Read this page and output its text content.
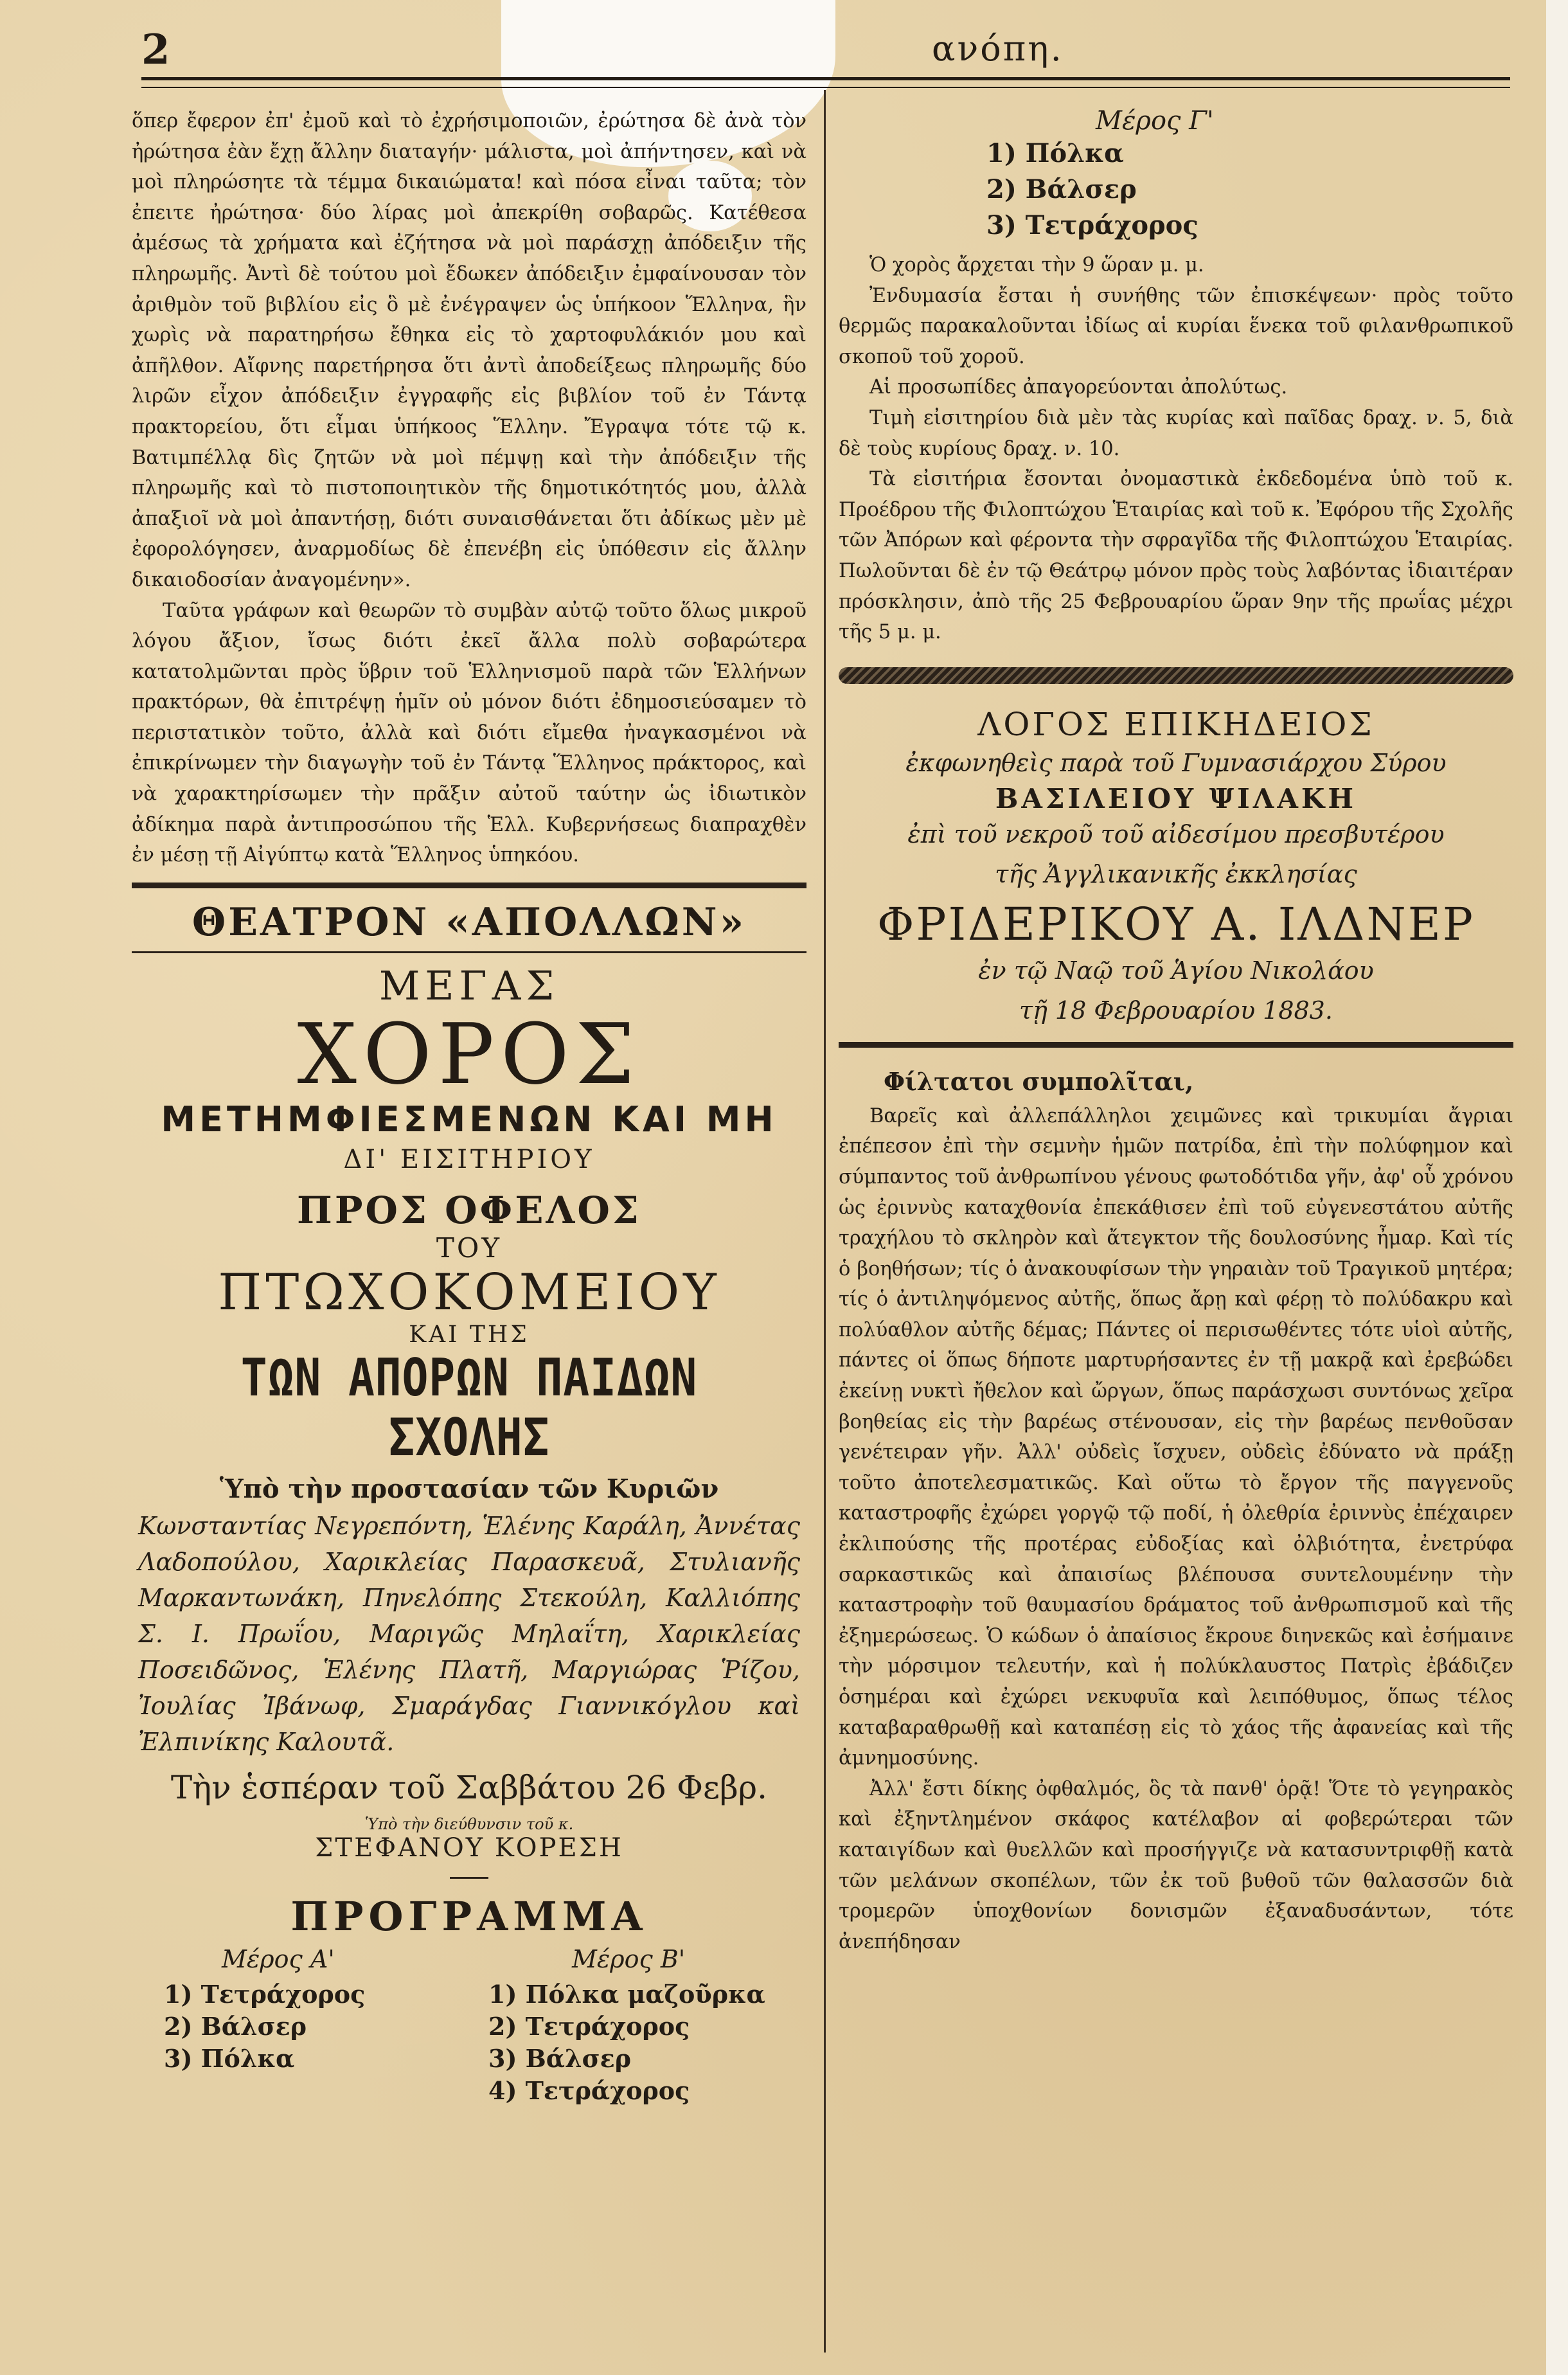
2	ανόπη.

ὅπερ ἔφερον ἐπ' ἐμοῦ καὶ τὸ ἐχρήσιμοποιῶν, ἐρώτησα δὲ ἀνὰ τὸν ἠρώτησα ἐὰν ἔχῃ ἄλλην διαταγήν· μάλιστα, μοὶ ἀπήντησεν, καὶ νὰ μοὶ πληρώσητε τὰ τέμμα δικαιώματα! καὶ πόσα εἶναι ταῦτα; τὸν ἐπειτε ἠρώτησα· δύο λίρας μοὶ ἀπεκρίθη σοβαρῶς. Κατέθεσα ἀμέσως τὰ χρήματα καὶ ἐζήτησα νὰ μοὶ παράσχῃ ἀπόδειξιν τῆς πληρωμῆς. Ἀντὶ δὲ τούτου μοὶ ἔδωκεν ἀπόδειξιν ἐμφαίνουσαν τὸν ἀριθμὸν τοῦ βιβλίου εἰς ὃ μὲ ἐνέγραψεν ὡς ὑπήκοον Ἕλληνα, ἣν χωρὶς νὰ παρατηρήσω ἔθηκα εἰς τὸ χαρτοφυλάκιόν μου καὶ ἀπῆλθον. Αἴφνης παρετήρησα ὅτι ἀντὶ ἀποδείξεως πληρωμῆς δύο λιρῶν εἶχον ἀπόδειξιν ἐγγραφῆς εἰς βιβλίον τοῦ ἐν Τάντᾳ πρακτορείου, ὅτι εἶμαι ὑπήκοος Ἕλλην. Ἔγραψα τότε τῷ κ. Βατιμπέλλᾳ δὶς ζητῶν νὰ μοὶ πέμψῃ καὶ τὴν ἀπόδειξιν τῆς πληρωμῆς καὶ τὸ πιστοποιητικὸν τῆς δημοτικότητός μου, ἀλλὰ ἀπαξιοῖ νὰ μοὶ ἀπαντήσῃ, διότι συναισθάνεται ὅτι ἀδίκως μὲν μὲ ἐφορολόγησεν, ἀναρμοδίως δὲ ἐπενέβη εἰς ὑπόθεσιν εἰς ἄλλην δικαιοδοσίαν ἀναγομένην».

Ταῦτα γράφων καὶ θεωρῶν τὸ συμβὰν αὐτῷ τοῦτο ὅλως μικροῦ λόγου ἄξιον, ἴσως διότι ἐκεῖ ἄλλα πολὺ σοβαρώτερα κατατολμῶνται πρὸς ὕβριν τοῦ Ἑλληνισμοῦ παρὰ τῶν Ἑλλήνων πρακτόρων, θὰ ἐπιτρέψῃ ἡμῖν οὐ μόνον διότι ἐδημοσιεύσαμεν τὸ περιστατικὸν τοῦτο, ἀλλὰ καὶ διότι εἴμεθα ἠναγκασμένοι νὰ ἐπικρίνωμεν τὴν διαγωγὴν τοῦ ἐν Τάντᾳ Ἕλληνος πράκτορος, καὶ νὰ χαρακτηρίσωμεν τὴν πρᾶξιν αὐτοῦ ταύτην ὡς ἰδιωτικὸν ἀδίκημα παρὰ ἀντιπροσώπου τῆς Ἑλλ. Κυβερνήσεως διαπραχθὲν ἐν μέσῃ τῇ Αἰγύπτῳ κατὰ Ἕλληνος ὑπηκόου.

ΘΕΑΤΡΟΝ «ΑΠΟΛΛΩΝ»
ΜΕΓΑΣ
ΧΟΡΟΣ
ΜΕΤΗΜΦΙΕΣΜΕΝΩΝ ΚΑΙ ΜΗ
ΔΙ' ΕΙΣΙΤΗΡΙΟΥ
ΠΡΟΣ ΟΦΕΛΟΣ
ΤΟΥ
ΠΤΩΧΟΚΟΜΕΙΟΥ
ΚΑΙ ΤΗΣ
ΤΩΝ ΑΠΟΡΩΝ ΠΑΙΔΩΝ ΣΧΟΛΗΣ
Ὑπὸ τὴν προστασίαν τῶν Κυριῶν
Κωνσταντίας Νεγρεπόντη, Ἑλένης Καράλη, Ἀννέτας Λαδοπούλου, Χαρικλείας Παρασκευᾶ, Στυλιανῆς Μαρκαντωνάκη, Πηνελόπης Στεκούλη, Καλλιόπης Σ. Ι. Πρωΐου, Μαριγῶς Μηλαΐτη, Χαρικλείας Ποσειδῶνος, Ἑλένης Πλατῆ, Μαργιώρας Ῥίζου, Ἰουλίας Ἰβάνωφ, Σμαράγδας Γιαννικόγλου καὶ Ἐλπινίκης Καλουτᾶ.
Τὴν ἑσπέραν τοῦ Σαββάτου 26 Φεβρ.
Ὑπὸ τὴν διεύθυνσιν τοῦ κ.
ΣΤΕΦΑΝΟΥ ΚΟΡΕΣΗ
ΠΡΟΓΡΑΜΜΑ
Μέρος Α'
1) Τετράχορος
2) Βάλσερ
3) Πόλκα
Μέρος Β'
1) Πόλκα μαζοῦρκα
2) Τετράχορος
3) Βάλσερ
4) Τετράχορος
Μέρος Γ'
1) Πόλκα
2) Βάλσερ
3) Τετράχορος

Ὁ χορὸς ἄρχεται τὴν 9 ὥραν μ. μ.

Ἐνδυμασία ἔσται ἡ συνήθης τῶν ἐπισκέψεων· πρὸς τοῦτο θερμῶς παρακαλοῦνται ἰδίως αἱ κυρίαι ἕνεκα τοῦ φιλανθρωπικοῦ σκοποῦ τοῦ χοροῦ.

Αἱ προσωπίδες ἀπαγορεύονται ἀπολύτως.

Τιμὴ εἰσιτηρίου διὰ μὲν τὰς κυρίας καὶ παῖδας δραχ. ν. 5, διὰ δὲ τοὺς κυρίους δραχ. ν. 10.

Τὰ εἰσιτήρια ἔσονται ὀνομαστικὰ ἐκδεδομένα ὑπὸ τοῦ κ. Προέδρου τῆς Φιλοπτώχου Ἑταιρίας καὶ τοῦ κ. Ἐφόρου τῆς Σχολῆς τῶν Ἀπόρων καὶ φέροντα τὴν σφραγῖδα τῆς Φιλοπτώχου Ἑταιρίας. Πωλοῦνται δὲ ἐν τῷ Θεάτρῳ μόνον πρὸς τοὺς λαβόντας ἰδιαιτέραν πρόσκλησιν, ἀπὸ τῆς 25 Φεβρουαρίου ὥραν 9ην τῆς πρωΐας μέχρι τῆς 5 μ. μ.

ΛΟΓΟΣ ΕΠΙΚΗΔΕΙΟΣ
ἐκφωνηθεὶς παρὰ τοῦ Γυμνασιάρχου Σύρου
ΒΑΣΙΛΕΙΟΥ ΨΙΛΑΚΗ
ἐπὶ τοῦ νεκροῦ τοῦ αἰδεσίμου πρεσβυτέρου
τῆς Ἀγγλικανικῆς ἐκκλησίας
ΦΡΙΔΕΡΙΚΟΥ Α. ΙΛΔΝΕΡ
ἐν τῷ Ναῷ τοῦ Ἁγίου Νικολάου
τῇ 18 Φεβρουαρίου 1883.
Φίλτατοι συμπολῖται,

Βαρεῖς καὶ ἀλλεπάλληλοι χειμῶνες καὶ τρικυμίαι ἄγριαι ἐπέπεσον ἐπὶ τὴν σεμνὴν ἡμῶν πατρίδα, ἐπὶ τὴν πολύφημον καὶ σύμπαντος τοῦ ἀνθρωπίνου γένους φωτοδότιδα γῆν, ἀφ' οὗ χρόνου ὡς ἐριννὺς καταχθονία ἐπεκάθισεν ἐπὶ τοῦ εὐγενεστάτου αὐτῆς τραχήλου τὸ σκληρὸν καὶ ἄτεγκτον τῆς δουλοσύνης ἦμαρ. Καὶ τίς ὁ βοηθήσων; τίς ὁ ἀνακουφίσων τὴν γηραιὰν τοῦ Τραγικοῦ μητέρα; τίς ὁ ἀντιληψόμενος αὐτῆς, ὅπως ἄρῃ καὶ φέρῃ τὸ πολύδακρυ καὶ πολύαθλον αὐτῆς δέμας; Πάντες οἱ περισωθέντες τότε υἱοὶ αὐτῆς, πάντες οἱ ὅπως δήποτε μαρτυρήσαντες ἐν τῇ μακρᾷ καὶ ἐρεβώδει ἐκείνῃ νυκτὶ ἤθελον καὶ ὤργων, ὅπως παράσχωσι συντόνως χεῖρα βοηθείας εἰς τὴν βαρέως στένουσαν, εἰς τὴν βαρέως πενθοῦσαν γενέτειραν γῆν. Ἀλλ' οὐδεὶς ἴσχυεν, οὐδεὶς ἐδύνατο νὰ πράξῃ τοῦτο ἀποτελεσματικῶς. Καὶ οὕτω τὸ ἔργον τῆς παγγενοῦς καταστροφῆς ἐχώρει γοργῷ τῷ ποδί, ἡ ὀλεθρία ἐριννὺς ἐπέχαιρεν ἐκλιπούσης τῆς προτέρας εὐδοξίας καὶ ὀλβιότητα, ἐνετρύφα σαρκαστικῶς καὶ ἀπαισίως βλέπουσα συντελουμένην τὴν καταστροφὴν τοῦ θαυμασίου δράματος τοῦ ἀνθρωπισμοῦ καὶ τῆς ἐξημερώσεως. Ὁ κώδων ὁ ἀπαίσιος ἔκρουε διηνεκῶς καὶ ἐσήμαινε τὴν μόρσιμον τελευτήν, καὶ ἡ πολύκλαυστος Πατρὶς ἐβάδιζεν ὁσημέραι καὶ ἐχώρει νεκυφυῖα καὶ λειπόθυμος, ὅπως τέλος καταβαραθρωθῇ καὶ καταπέσῃ εἰς τὸ χάος τῆς ἀφανείας καὶ τῆς ἀμνημοσύνης.

Ἀλλ' ἔστι δίκης ὀφθαλμός, ὃς τὰ πανθ' ὁρᾷ! Ὅτε τὸ γεγηρακὸς καὶ ἐξηντλημένον σκάφος κατέλαβον αἱ φοβερώτεραι τῶν καταιγίδων καὶ θυελλῶν καὶ προσήγγιζε νὰ κατασυντριφθῇ κατὰ τῶν μελάνων σκοπέλων, τῶν ἐκ τοῦ βυθοῦ τῶν θαλασσῶν διὰ τρομερῶν ὑποχθονίων δονισμῶν ἐξαναδυσάντων, τότε ἀνεπήδησαν
